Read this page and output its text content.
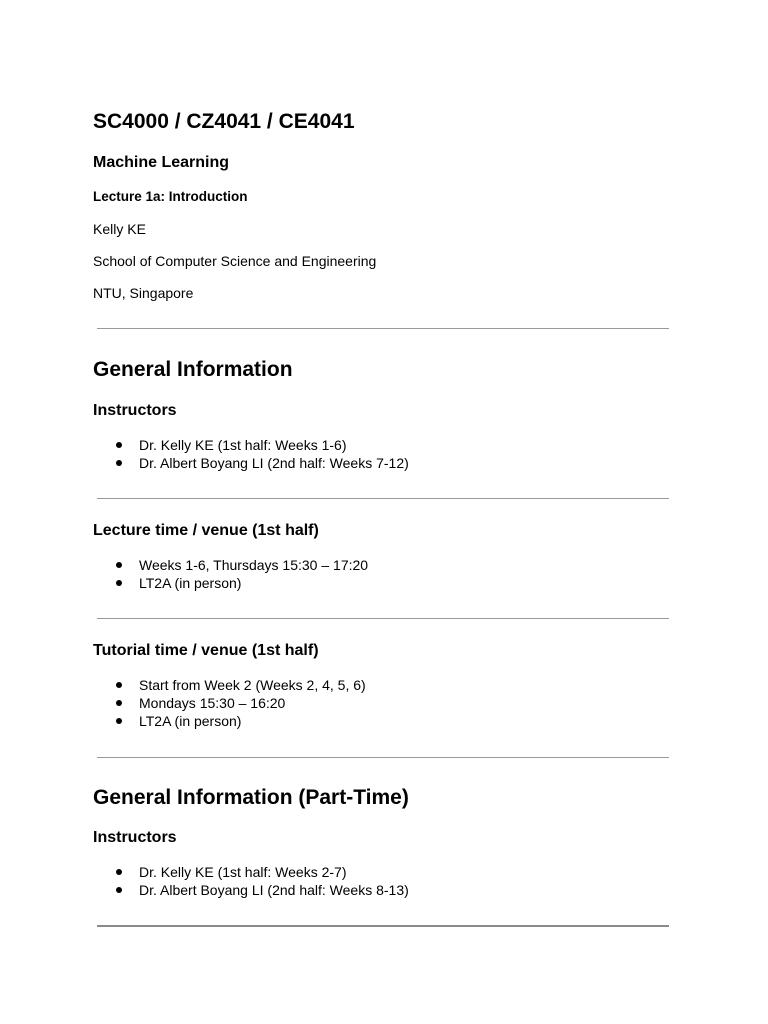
SC4000 / CZ4041 / CE4041
Machine Learning
Lecture 1a: Introduction
Kelly KE
School of Computer Science and Engineering
NTU, Singapore
General Information
Instructors
Dr. Kelly KE (1st half: Weeks 1-6)
Dr. Albert Boyang LI (2nd half: Weeks 7-12)
Lecture time / venue (1st half)
Weeks 1-6, Thursdays 15:30 – 17:20
LT2A (in person)
Tutorial time / venue (1st half)
Start from Week 2 (Weeks 2, 4, 5, 6)
Mondays 15:30 – 16:20
LT2A (in person)
General Information (Part-Time)
Instructors
Dr. Kelly KE (1st half: Weeks 2-7)
Dr. Albert Boyang LI (2nd half: Weeks 8-13)
